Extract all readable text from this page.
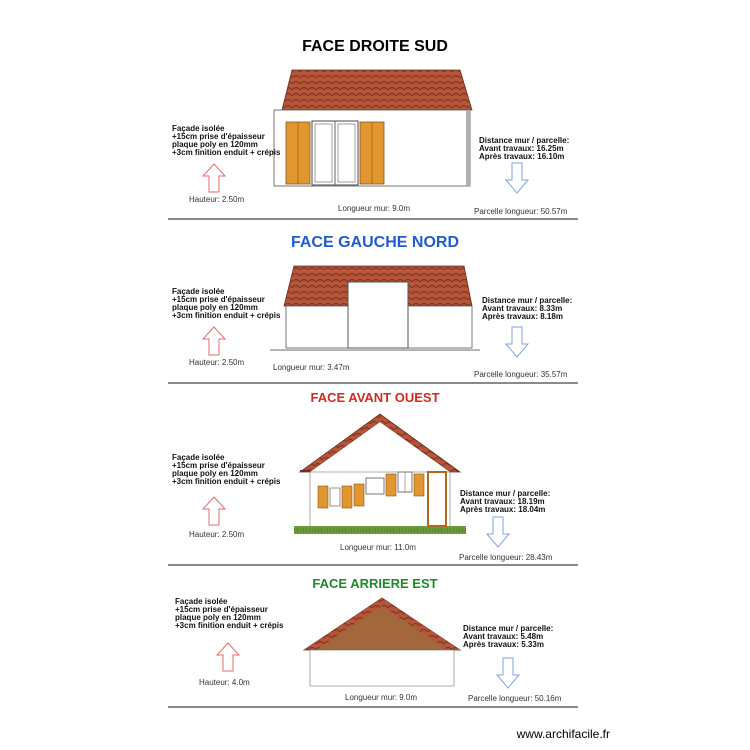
FACE DROITE SUD
Façade isolée
+15cm prise d'épaisseur
plaque poly en 120mm
+3cm finition enduit + crépis
Hauteur: 2.50m
Longueur mur: 9.0m
Distance mur / parcelle:
Avant travaux: 16.25m
Après travaux: 16.10m
Parcelle longueur: 50.57m
FACE GAUCHE NORD
Façade isolée
+15cm prise d'épaisseur
plaque poly en 120mm
+3cm finition enduit + crépis
Hauteur: 2.50m
Longueur mur: 3.47m
Distance mur / parcelle:
Avant travaux: 8.33m
Après travaux: 8.18m
Parcelle longueur: 35.57m
FACE AVANT OUEST
Façade isolée
+15cm prise d'épaisseur
plaque poly en 120mm
+3cm finition enduit + crépis
Hauteur: 2.50m
Longueur mur: 11.0m
Distance mur / parcelle:
Avant travaux: 18.19m
Après travaux: 18.04m
Parcelle longueur: 28.43m
FACE ARRIERE EST
Façade isolée
+15cm prise d'épaisseur
plaque poly en 120mm
+3cm finition enduit + crépis
Hauteur: 4.0m
Longueur mur: 9.0m
Distance mur / parcelle:
Avant travaux: 5.48m
Après travaux: 5.33m
Parcelle longueur: 50.16m
www.archifacile.fr
